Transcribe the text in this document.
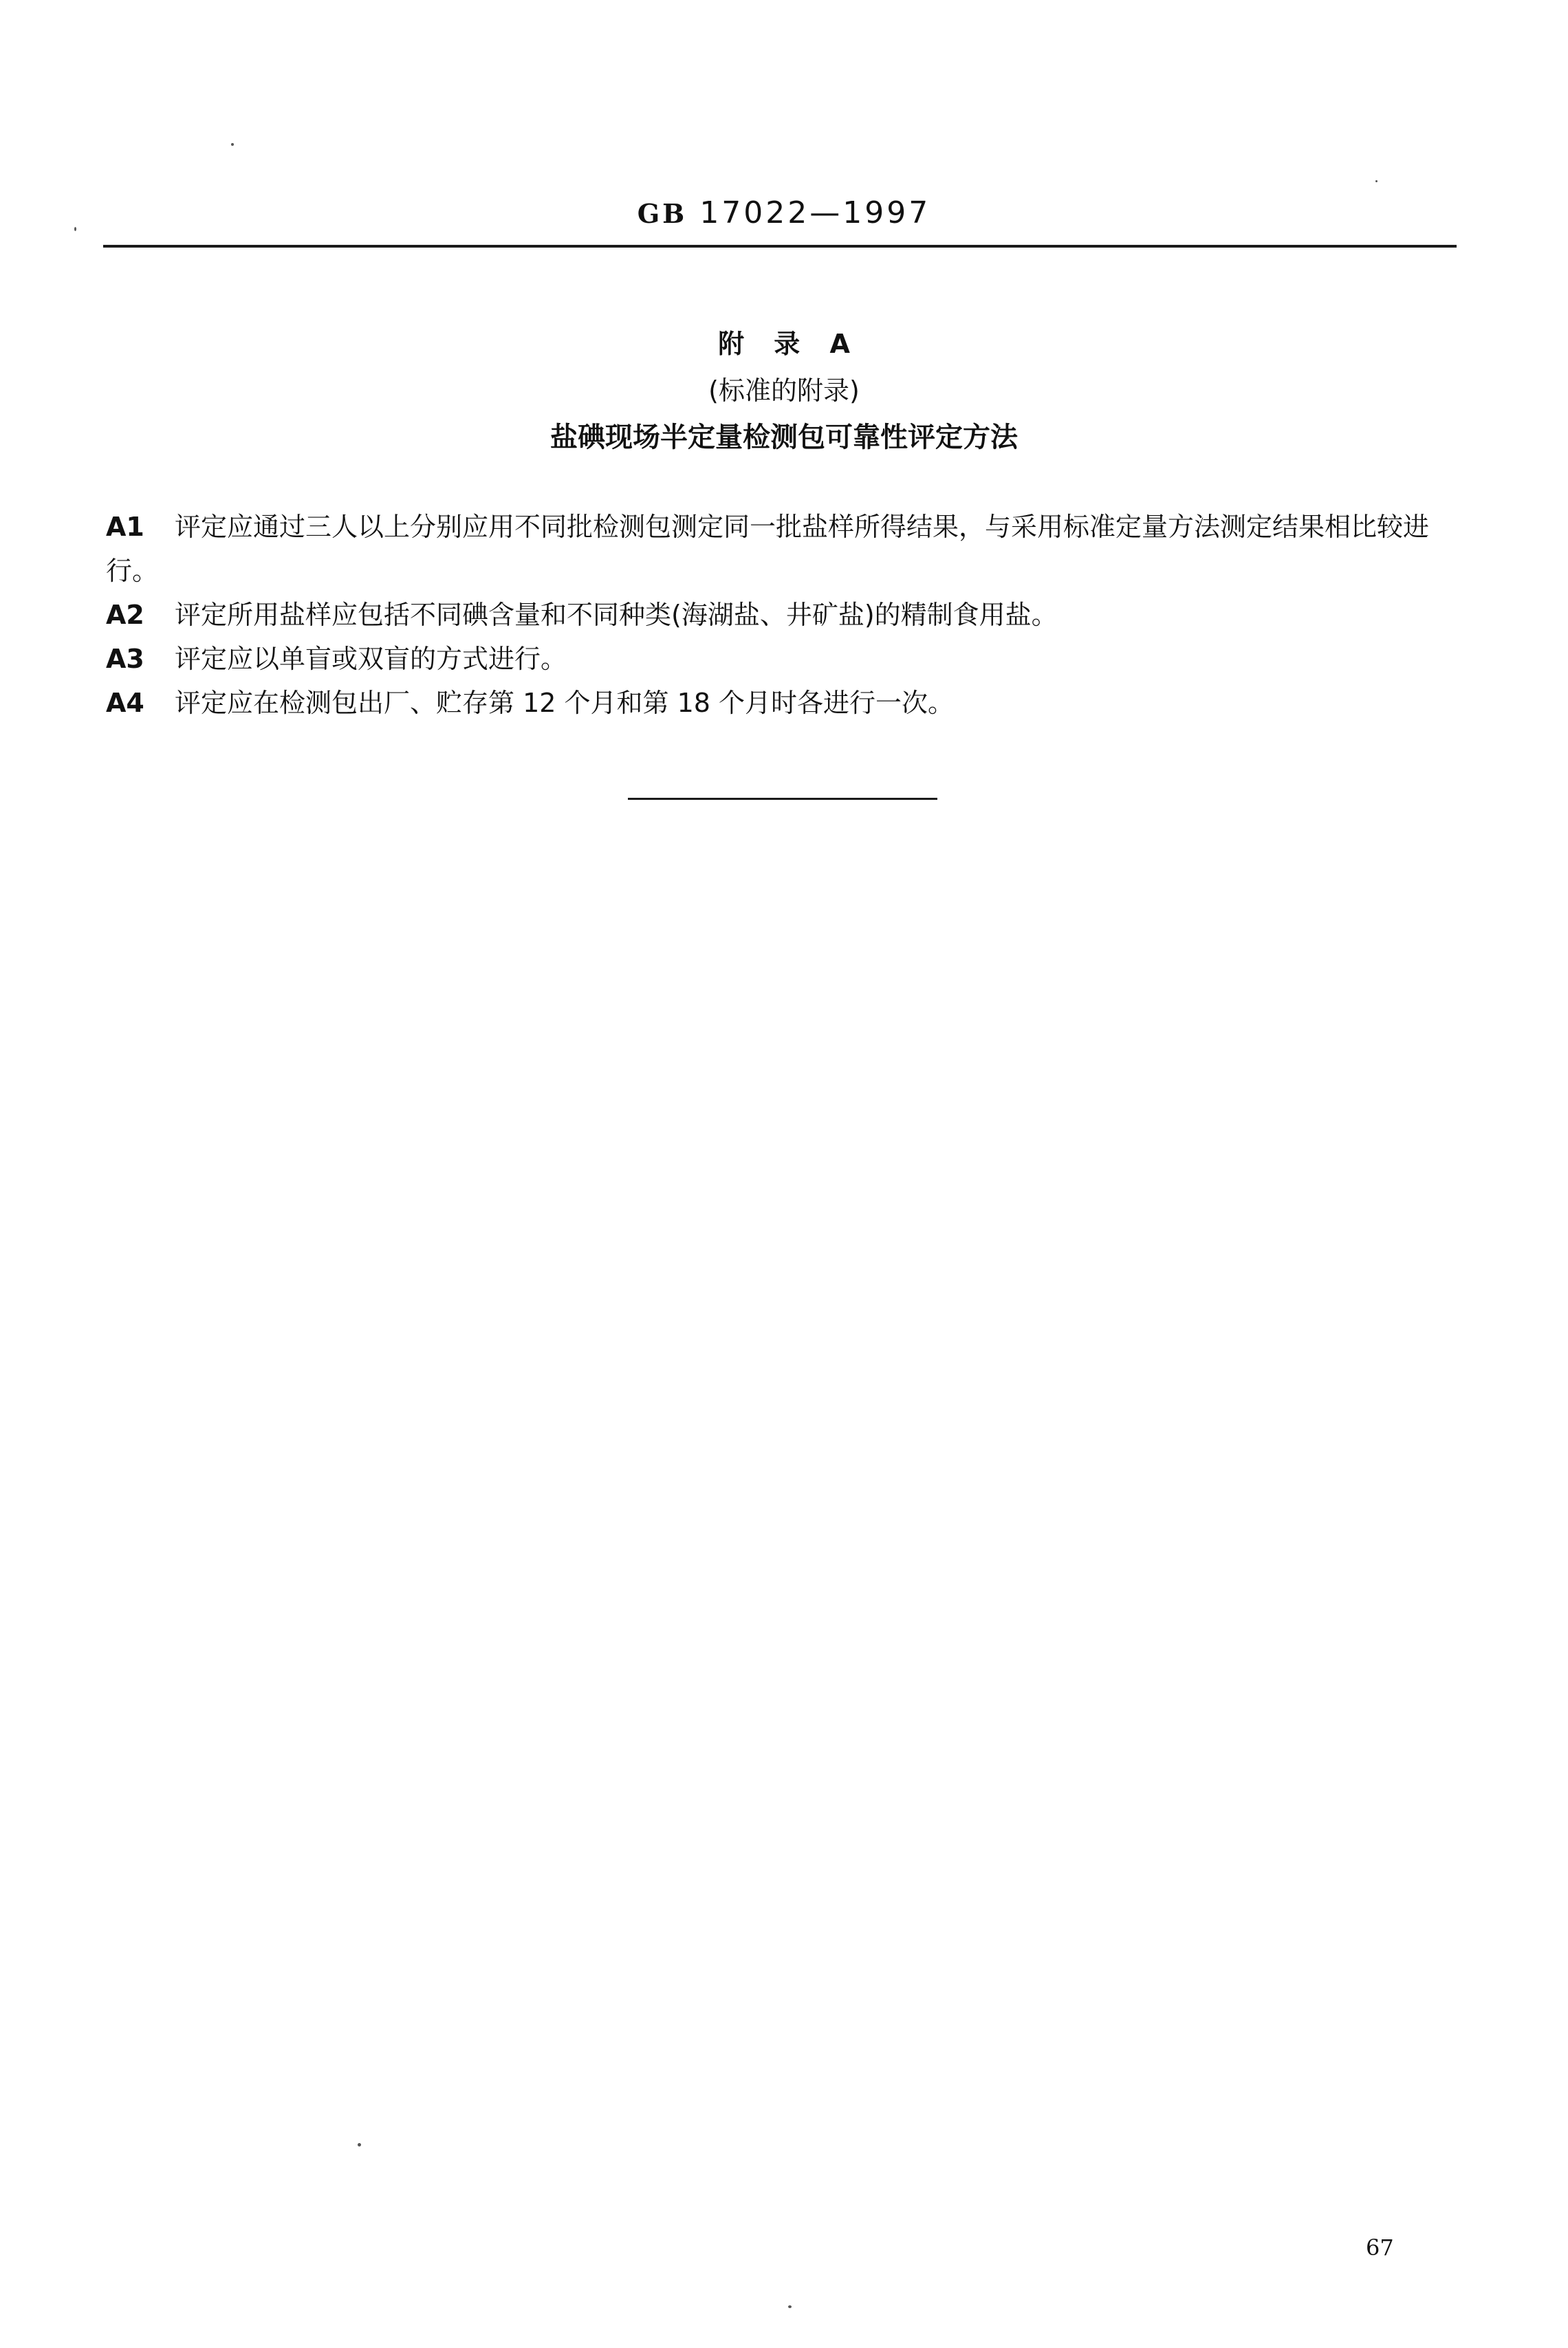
GB 17022—1997
附 录 A
(标准的附录)
盐碘现场半定量检测包可靠性评定方法

A1 评定应通过三人以上分别应用不同批检测包测定同一批盐样所得结果，与采用标准定量方法测定结果相比较进行。

A2 评定所用盐样应包括不同碘含量和不同种类(海湖盐、井矿盐)的精制食用盐。

A3 评定应以单盲或双盲的方式进行。

A4 评定应在检测包出厂、贮存第 12 个月和第 18 个月时各进行一次。

67
